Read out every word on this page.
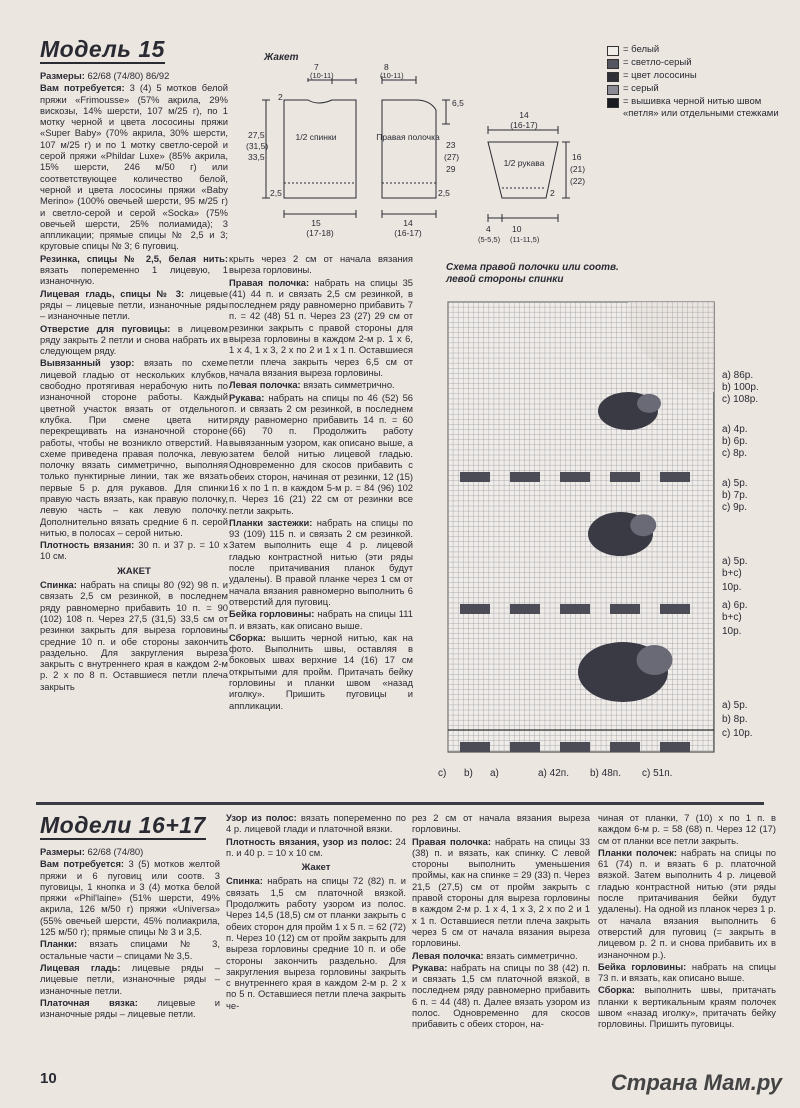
Модель 15

Размеры: 62/68 (74/80) 86/92

Вам потребуется: 3 (4) 5 мотков белой пряжи «Frimousse» (57% акрила, 29% вискозы, 14% шерсти, 107 м/25 г), по 1 мотку черной и цвета лососины пряжи «Super Baby» (70% акрила, 30% шерсти, 107 м/25 г) и по 1 мотку светло-серой и серой пряжи «Phildar Luxe» (85% акрила, 15% шерсти, 246 м/50 г) или соответствующее количество белой, черной и цвета лососины пряжи «Baby Merino» (100% овечьей шерсти, 95 м/25 г) и светло-серой и серой «Socka» (75% овечьей шерсти, 25% полиамида); 3 аппликации; прямые спицы № 2,5 и 3; круговые спицы № 3; 6 пуговиц.

Резинка, спицы № 2,5, белая нить: вязать попеременно 1 лицевую, 1 изнаночную.

Лицевая гладь, спицы № 3: лицевые ряды – лицевые петли, изнаночные ряды – изнаночные петли.

Отверстие для пуговицы: в лицевом ряду закрыть 2 петли и снова набрать их в следующем ряду.

Вывязанный узор: вязать по схеме лицевой гладью от нескольких клубков, свободно протягивая нерабочую нить по изнаночной стороне работы. Каждый цветной участок вязать от отдельного клубка. При смене цвета нити перекрещивать на изнаночной стороне работы, чтобы не возникло отверстий. На схеме приведена правая полочка, левую полочку вязать симметрично, выполняя только пунктирные линии, так же вязать первые 5 р. для рукавов. Для спинки правую часть вязать, как правую полочку, левую часть – как левую полочку. Дополнительно вязать средние 6 п. серой нитью, в полосах – серой нитью.

Плотность вязания: 30 п. и 37 р. = 10 х 10 см.

ЖАКЕТ

Спинка: набрать на спицы 80 (92) 98 п. и связать 2,5 см резинкой, в последнем ряду равномерно прибавить 10 п. = 90 (102) 108 п. Через 27,5 (31,5) 33,5 см от резинки закрыть для выреза горловины средние 10 п. и обе стороны закончить раздельно. Для закругления выреза закрыть с внутреннего края в каждом 2-м р. 2 х по 8 п. Оставшиеся петли плеча закрыть

крыть через 2 см от начала вязания выреза горловины.

Правая полочка: набрать на спицы 35 (41) 44 п. и связать 2,5 см резинкой, в последнем ряду равномерно прибавить 7 п. = 42 (48) 51 п. Через 23 (27) 29 см от резинки закрыть с правой стороны для выреза горловины в каждом 2-м р. 1 х 6, 1 х 4, 1 х 3, 2 х по 2 и 1 х 1 п. Оставшиеся петли плеча закрыть через 6,5 см от начала вязания выреза горловины.

Левая полочка: вязать симметрично.

Рукава: набрать на спицы по 46 (52) 56 п. и связать 2 см резинкой, в последнем ряду равномерно прибавить 14 п. = 60 (66) 70 п. Продолжить работу вывязанным узором, как описано выше, а затем белой нитью лицевой гладью. Одновременно для скосов прибавить с обеих сторон, начиная от резинки, 12 (15) 16 х по 1 п. в каждом 5-м р. = 84 (96) 102 п. Через 16 (21) 22 см от резинки все петли закрыть.

Планки застежки: набрать на спицы по 93 (109) 115 п. и связать 2 см резинкой. Затем выполнить еще 4 р. лицевой гладью контрастной нитью (эти ряды после притачивания планок будут удалены). В правой планке через 1 см от начала вязания равномерно выполнить 6 отверстий для пуговиц.

Бейка горловины: набрать на спицы 111 п. и вязать, как описано выше.

Сборка: вышить черной нитью, как на фото. Выполнить швы, оставляя в боковых швах верхние 14 (16) 17 см открытыми для пройм. Притачать бейку горловины и планки швом «назад иголку». Пришить пуговицы и аппликации.

Жакет
7
(10-11)
8
(10-11)
2
27,5
(31,5)
33,5
2,5
1/2 спинки
15
(17-18)
Правая полочка
6,5
23
(27)
29
2,5
14
(16-17)
14
(16-17)
1/2 рукава
16
(21)
(22)
2
4
(5-5,5)
10
(11-11,5)
= белый
= светло-серый
= цвет лососины
= серый
= вышивка черной нитью швом «петля» или отдельными стежками
Схема правой полочки или соотв. левой стороны спинки
a) 86р.
b) 100р.
c) 108р.
a) 4р.
b) 6р.
c) 8р.
a) 5р.
b) 7р.
c) 9р.
a) 5р.
b+c)
10р.
a) 6р.
b+c)
10р.
a) 5р.
b) 8р.
c) 10р.
c) b) a)	a) 42п. b) 48п. c) 51п.
Модели 16+17

Размеры: 62/68 (74/80)

Вам потребуется: 3 (5) мотков желтой пряжи и 6 пуговиц или соотв. 3 пуговицы, 1 кнопка и 3 (4) мотка белой пряжи «Phil'laine» (51% шерсти, 49% акрила, 126 м/50 г) пряжи «Universa» (55% овечьей шерсти, 45% полиакрила, 125 м/50 г); прямые спицы № 3 и 3,5.

Планки: вязать спицами № 3, остальные части – спицами № 3,5.

Лицевая гладь: лицевые ряды – лицевые петли, изнаночные ряды – изнаночные петли.

Платочная вязка: лицевые и изнаночные ряды – лицевые петли.

Узор из полос: вязать попеременно по 4 р. лицевой глади и платочной вязки.

Плотность вязания, узор из полос: 24 п. и 40 р. = 10 х 10 см.

Жакет

Спинка: набрать на спицы 72 (82) п. и связать 1,5 см платочной вязкой. Продолжить работу узором из полос. Через 14,5 (18,5) см от планки закрыть с обеих сторон для пройм 1 х 5 п. = 62 (72) п. Через 10 (12) см от пройм закрыть для выреза горловины средние 10 п. и обе стороны закончить раздельно. Для закругления выреза горловины закрыть с внутреннего края в каждом 2-м р. 2 х по 5 п. Оставшиеся петли плеча закрыть че-

рез 2 см от начала вязания выреза горловины.

Правая полочка: набрать на спицы 33 (38) п. и вязать, как спинку. С левой стороны выполнить уменьшения проймы, как на спинке = 29 (33) п. Через 21,5 (27,5) см от пройм закрыть с правой стороны для выреза горловины в каждом 2-м р. 1 х 4, 1 х 3, 2 х по 2 и 1 х 1 п. Оставшиеся петли плеча закрыть через 5 см от начала вязания выреза горловины.

Левая полочка: вязать симметрично.

Рукава: набрать на спицы по 38 (42) п. и связать 1,5 см платочной вязкой, в последнем ряду равномерно прибавить 6 п. = 44 (48) п. Далее вязать узором из полос. Одновременно для скосов прибавить с обеих сторон, на-

чиная от планки, 7 (10) х по 1 п. в каждом 6-м р. = 58 (68) п. Через 12 (17) см от планки все петли закрыть.

Планки полочек: набрать на спицы по 61 (74) п. и вязать 6 р. платочной вязкой. Затем выполнить 4 р. лицевой гладью контрастной нитью (эти ряды после притачивания бейки будут удалены). На одной из планок через 1 р. от начала вязания выполнить 6 отверстий для пуговиц (= закрыть в лицевом р. 2 п. и снова прибавить их в изнаночном р.).

Бейка горловины: набрать на спицы 73 п. и вязать, как описано выше.

Сборка: выполнить швы, притачать планки к вертикальным краям полочек швом «назад иголку», притачать бейку горловины. Пришить пуговицы.

10	Страна Мам.ру
